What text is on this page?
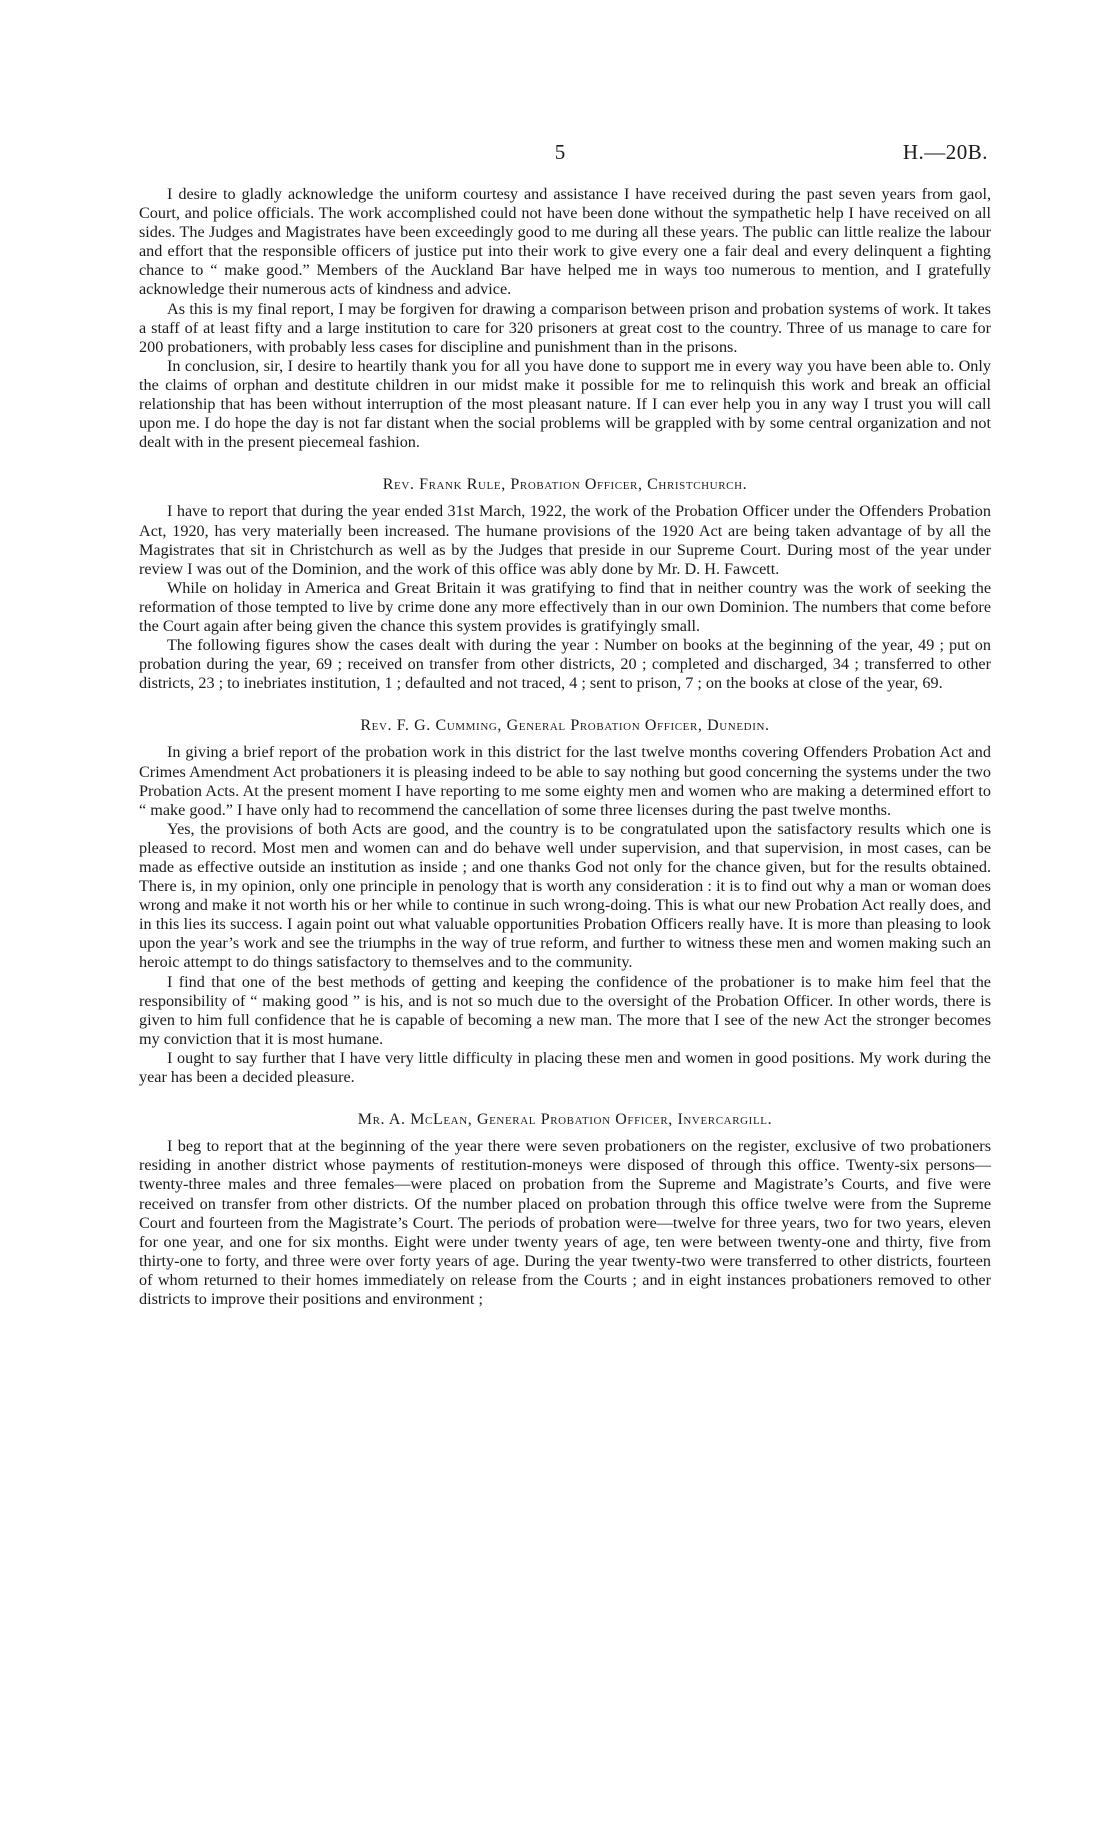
5	H.—20B.

I desire to gladly acknowledge the uniform courtesy and assistance I have received during the past seven years from gaol, Court, and police officials. The work accomplished could not have been done without the sympathetic help I have received on all sides. The Judges and Magistrates have been exceedingly good to me during all these years. The public can little realize the labour and effort that the responsible officers of justice put into their work to give every one a fair deal and every delinquent a fighting chance to “ make good.” Members of the Auckland Bar have helped me in ways too numerous to mention, and I gratefully acknowledge their numerous acts of kindness and advice.

As this is my final report, I may be forgiven for drawing a comparison between prison and probation systems of work. It takes a staff of at least fifty and a large institution to care for 320 prisoners at great cost to the country. Three of us manage to care for 200 probationers, with probably less cases for discipline and punishment than in the prisons.

In conclusion, sir, I desire to heartily thank you for all you have done to support me in every way you have been able to. Only the claims of orphan and destitute children in our midst make it possible for me to relinquish this work and break an official relationship that has been without interruption of the most pleasant nature. If I can ever help you in any way I trust you will call upon me. I do hope the day is not far distant when the social problems will be grappled with by some central organization and not dealt with in the present piecemeal fashion.

Rev. Frank Rule, Probation Officer, Christchurch.

I have to report that during the year ended 31st March, 1922, the work of the Probation Officer under the Offenders Probation Act, 1920, has very materially been increased. The humane provisions of the 1920 Act are being taken advantage of by all the Magistrates that sit in Christchurch as well as by the Judges that preside in our Supreme Court. During most of the year under review I was out of the Dominion, and the work of this office was ably done by Mr. D. H. Fawcett.

While on holiday in America and Great Britain it was gratifying to find that in neither country was the work of seeking the reformation of those tempted to live by crime done any more effectively than in our own Dominion. The numbers that come before the Court again after being given the chance this system provides is gratifyingly small.

The following figures show the cases dealt with during the year : Number on books at the beginning of the year, 49 ; put on probation during the year, 69 ; received on transfer from other districts, 20 ; completed and discharged, 34 ; transferred to other districts, 23 ; to inebriates institution, 1 ; defaulted and not traced, 4 ; sent to prison, 7 ; on the books at close of the year, 69.

Rev. F. G. Cumming, General Probation Officer, Dunedin.

In giving a brief report of the probation work in this district for the last twelve months covering Offenders Probation Act and Crimes Amendment Act probationers it is pleasing indeed to be able to say nothing but good concerning the systems under the two Probation Acts. At the present moment I have reporting to me some eighty men and women who are making a determined effort to “ make good.” I have only had to recommend the cancellation of some three licenses during the past twelve months.

Yes, the provisions of both Acts are good, and the country is to be congratulated upon the satisfactory results which one is pleased to record. Most men and women can and do behave well under supervision, and that supervision, in most cases, can be made as effective outside an institution as inside ; and one thanks God not only for the chance given, but for the results obtained. There is, in my opinion, only one principle in penology that is worth any consideration : it is to find out why a man or woman does wrong and make it not worth his or her while to continue in such wrong-doing. This is what our new Probation Act really does, and in this lies its success. I again point out what valuable opportunities Probation Officers really have. It is more than pleasing to look upon the year’s work and see the triumphs in the way of true reform, and further to witness these men and women making such an heroic attempt to do things satisfactory to themselves and to the community.

I find that one of the best methods of getting and keeping the confidence of the probationer is to make him feel that the responsibility of “ making good ” is his, and is not so much due to the oversight of the Probation Officer. In other words, there is given to him full confidence that he is capable of becoming a new man. The more that I see of the new Act the stronger becomes my conviction that it is most humane.

I ought to say further that I have very little difficulty in placing these men and women in good positions. My work during the year has been a decided pleasure.

Mr. A. McLean, General Probation Officer, Invercargill.

I beg to report that at the beginning of the year there were seven probationers on the register, exclusive of two probationers residing in another district whose payments of restitution-moneys were disposed of through this office. Twenty-six persons—twenty-three males and three females—were placed on probation from the Supreme and Magistrate’s Courts, and five were received on transfer from other districts. Of the number placed on probation through this office twelve were from the Supreme Court and fourteen from the Magistrate’s Court. The periods of probation were—twelve for three years, two for two years, eleven for one year, and one for six months. Eight were under twenty years of age, ten were between twenty-one and thirty, five from thirty-one to forty, and three were over forty years of age. During the year twenty-two were transferred to other districts, fourteen of whom returned to their homes immediately on release from the Courts ; and in eight instances probationers removed to other districts to improve their positions and environment ;
